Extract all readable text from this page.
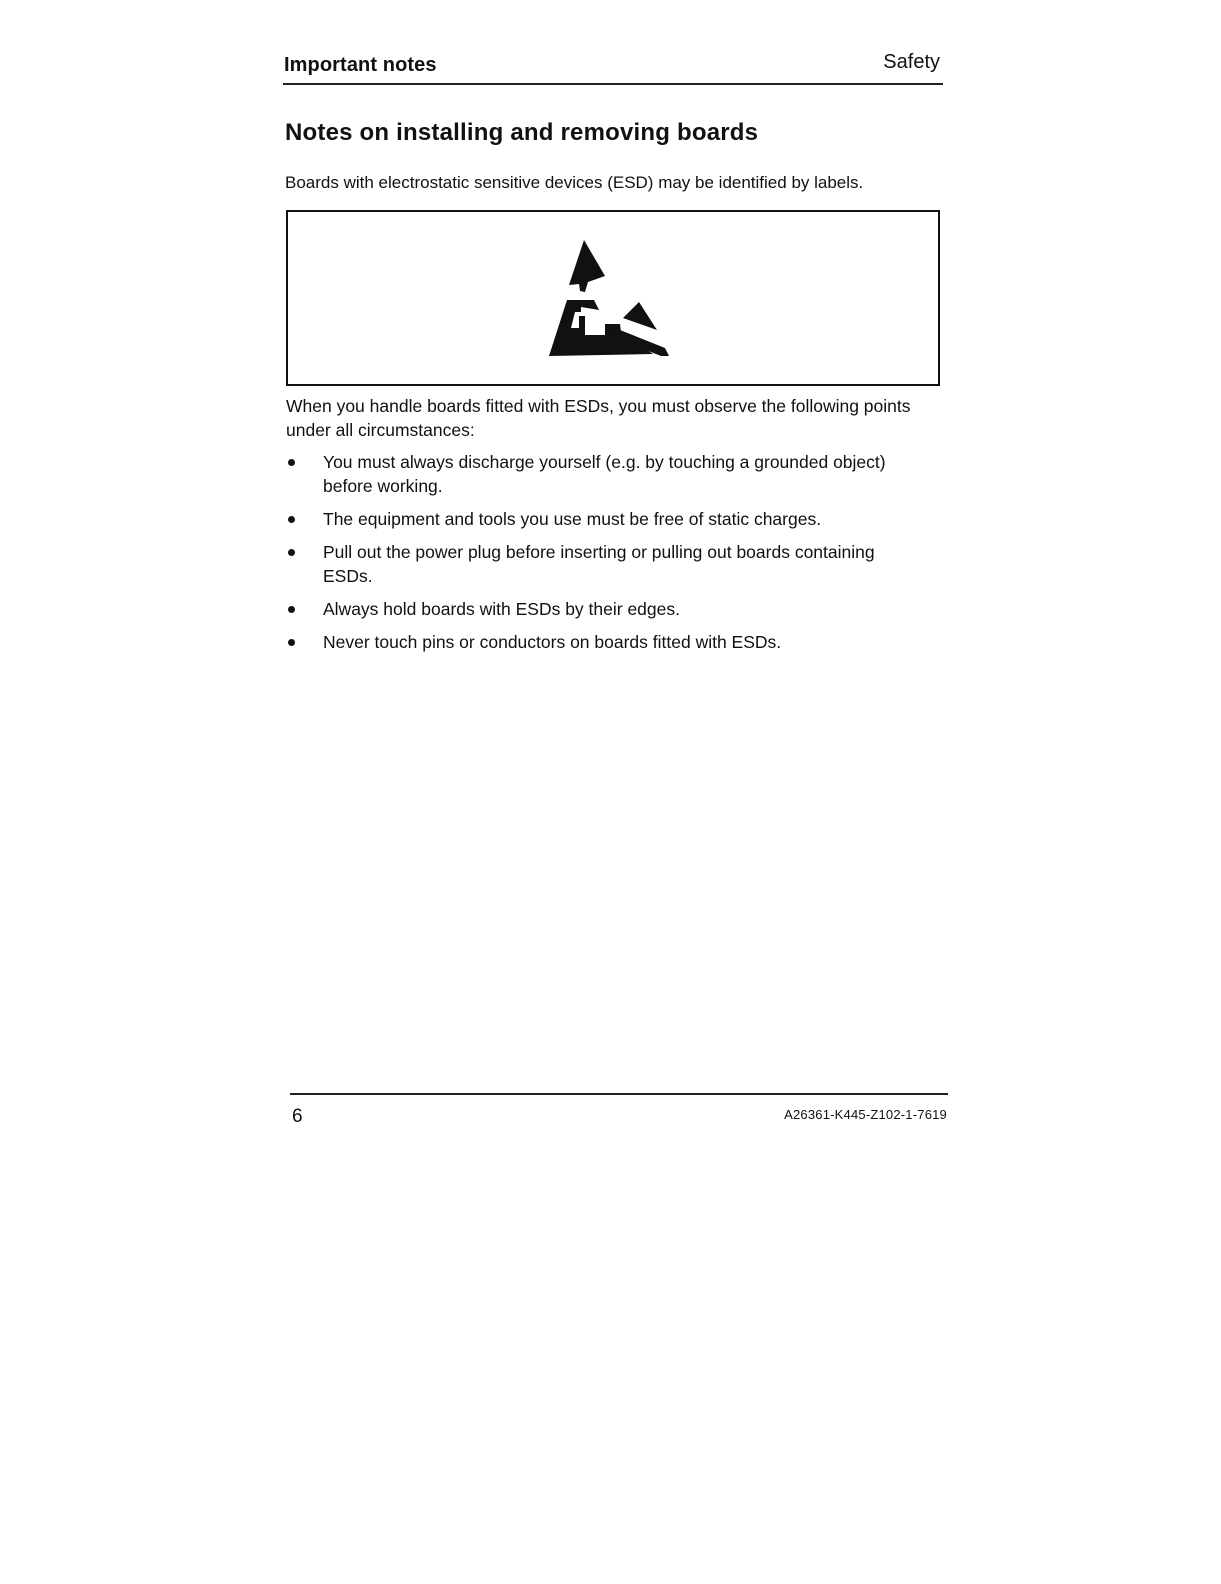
Important notes	Safety
Notes on installing and removing boards

Boards with electrostatic sensitive devices (ESD) may be identified by labels.

When you handle boards fitted with ESDs, you must observe the following points under all circumstances:

You must always discharge yourself (e.g. by touching a grounded object) before working.
The equipment and tools you use must be free of static charges.
Pull out the power plug before inserting or pulling out boards containing ESDs.
Always hold boards with ESDs by their edges.
Never touch pins or conductors on boards fitted with ESDs.
6	A26361-K445-Z102-1-7619
